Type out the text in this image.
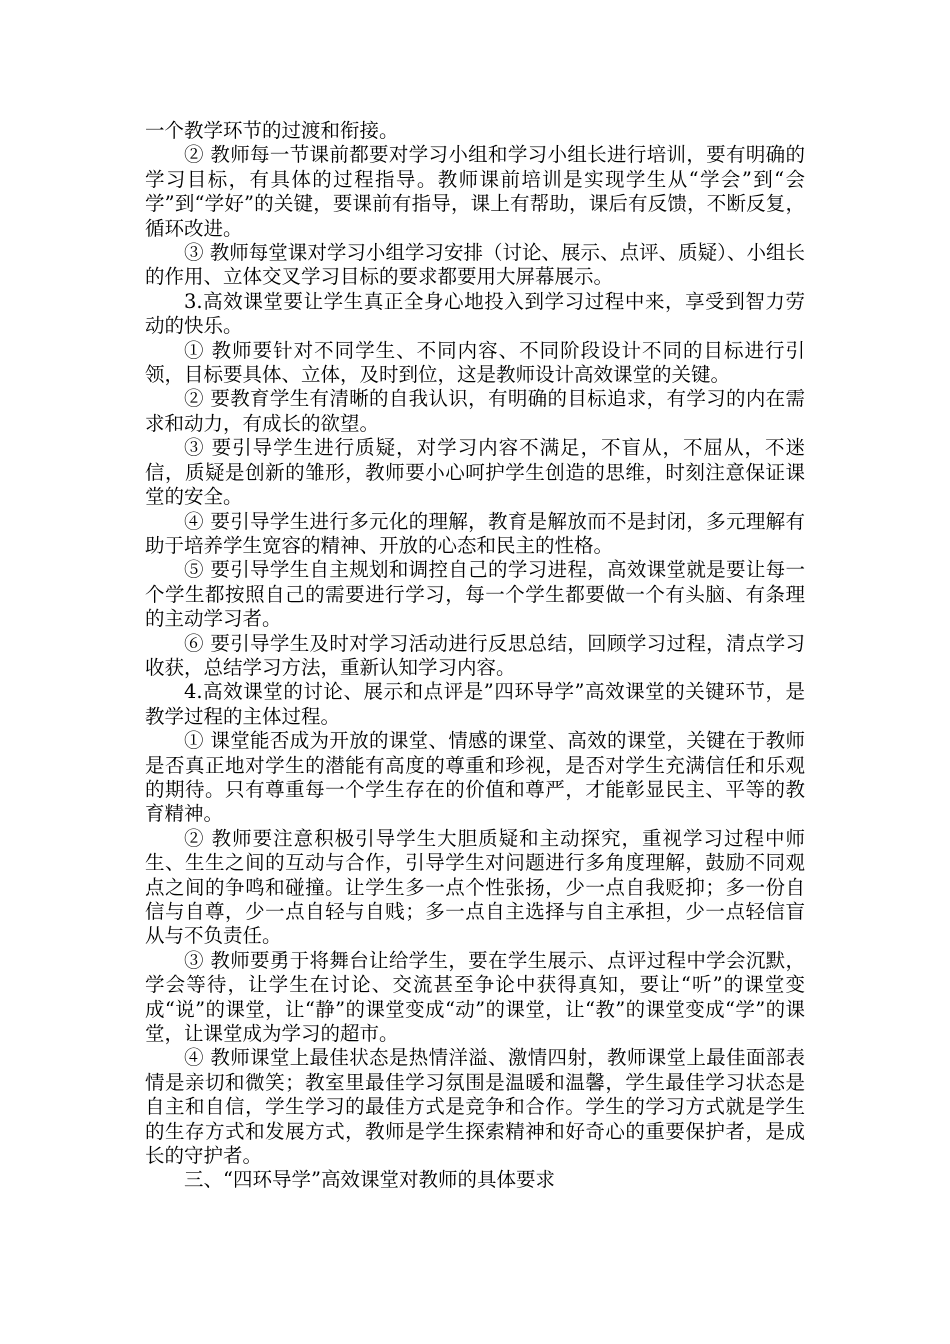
一个教学环节的过渡和衔接。

② 教师每一节课前都要对学习小组和学习小组长进行培训，要有明确的学习目标，有具体的过程指导。教师课前培训是实现学生从“学会”到“会学”到“学好”的关键，要课前有指导，课上有帮助，课后有反馈，不断反复，循环改进。

③ 教师每堂课对学习小组学习安排（讨论、展示、点评、质疑）、小组长的作用、立体交叉学习目标的要求都要用大屏幕展示。

3.高效课堂要让学生真正全身心地投入到学习过程中来，享受到智力劳动的快乐。

① 教师要针对不同学生、不同内容、不同阶段设计不同的目标进行引领，目标要具体、立体，及时到位，这是教师设计高效课堂的关键。

② 要教育学生有清晰的自我认识，有明确的目标追求，有学习的内在需求和动力，有成长的欲望。

③ 要引导学生进行质疑，对学习内容不满足，不盲从，不屈从，不迷信，质疑是创新的雏形，教师要小心呵护学生创造的思维，时刻注意保证课堂的安全。

④ 要引导学生进行多元化的理解，教育是解放而不是封闭，多元理解有助于培养学生宽容的精神、开放的心态和民主的性格。

⑤ 要引导学生自主规划和调控自己的学习进程，高效课堂就是要让每一个学生都按照自己的需要进行学习，每一个学生都要做一个有头脑、有条理的主动学习者。

⑥ 要引导学生及时对学习活动进行反思总结，回顾学习过程，清点学习收获，总结学习方法，重新认知学习内容。

4.高效课堂的讨论、展示和点评是”四环导学”高效课堂的关键环节，是教学过程的主体过程。

① 课堂能否成为开放的课堂、情感的课堂、高效的课堂，关键在于教师是否真正地对学生的潜能有高度的尊重和珍视，是否对学生充满信任和乐观的期待。只有尊重每一个学生存在的价值和尊严，才能彰显民主、平等的教育精神。

② 教师要注意积极引导学生大胆质疑和主动探究，重视学习过程中师生、生生之间的互动与合作，引导学生对问题进行多角度理解，鼓励不同观点之间的争鸣和碰撞。让学生多一点个性张扬，少一点自我贬抑；多一份自信与自尊，少一点自轻与自贱；多一点自主选择与自主承担，少一点轻信盲从与不负责任。

③ 教师要勇于将舞台让给学生，要在学生展示、点评过程中学会沉默，学会等待，让学生在讨论、交流甚至争论中获得真知，要让“听”的课堂变成“说”的课堂，让“静”的课堂变成“动”的课堂，让“教”的课堂变成“学”的课堂，让课堂成为学习的超市。

④ 教师课堂上最佳状态是热情洋溢、激情四射，教师课堂上最佳面部表情是亲切和微笑；教室里最佳学习氛围是温暖和温馨，学生最佳学习状态是自主和自信，学生学习的最佳方式是竞争和合作。学生的学习方式就是学生的生存方式和发展方式，教师是学生探索精神和好奇心的重要保护者，是成长的守护者。

三、“四环导学”高效课堂对教师的具体要求
